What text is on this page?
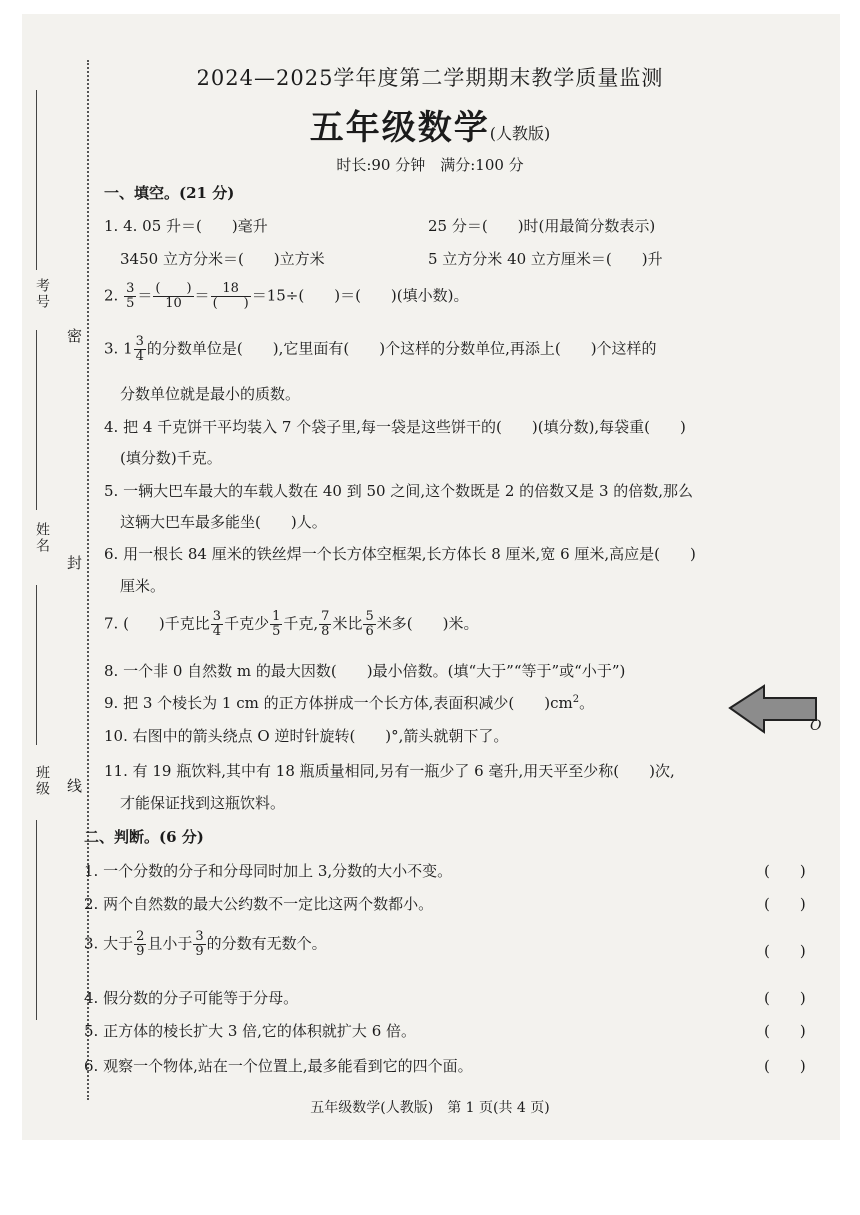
考号
姓名
班级
密
封
线
2024—2025学年度第二学期期末教学质量监测
五年级数学(人教版)
时长:90 分钟　满分:100 分
一、填空。(21 分)
1. 4. 05 升＝(　　)毫升	25 分＝(　　)时(用最简分数表示)
3450 立方分米＝(　　)立方米	5 立方分米 40 立方厘米＝(　　)升
2. $\frac{3}{5} = \frac{( )}{10} = \frac{18}{( )} =15\div$(　　)＝(　　)(填小数)。
3. $1 \frac{3}{4}$ 的分数单位是(　　),它里面有(　　)个这样的分数单位,再添上(　　)个这样的
分数单位就是最小的质数。
4. 把 4 千克饼干平均装入 7 个袋子里,每一袋是这些饼干的(　　)(填分数),每袋重(　　)
(填分数)千克。
5. 一辆大巴车最大的车载人数在 40 到 50 之间,这个数既是 2 的倍数又是 3 的倍数,那么
这辆大巴车最多能坐(　　)人。
6. 用一根长 84 厘米的铁丝焊一个长方体空框架,长方体长 8 厘米,宽 6 厘米,高应是(　　)
厘米。
7. (　　)千克比 $\frac{3}{4}$ 千克少 $\frac{1}{5}$ 千克, $\frac{7}{8}$ 米比 $\frac{5}{6}$ 米多(　　)米。
8. 一个非 0 自然数 m 的最大因数(　　)最小倍数。(填“大于”“等于”或“小于”)
9. 把 3 个棱长为 1 cm 的正方体拼成一个长方体,表面积减少(　　)$cm^2$。
10. 右图中的箭头绕点 O 逆时针旋转(　　)°,箭头就朝下了。
O
11. 有 19 瓶饮料,其中有 18 瓶质量相同,另有一瓶少了 6 毫升,用天平至少称(　　)次,
才能保证找到这瓶饮料。
二、判断。(6 分)
1. 一个分数的分子和分母同时加上 3,分数的大小不变。	(　　)
2. 两个自然数的最大公约数不一定比这两个数都小。	(　　)
3. 大于 $\frac{2}{9}$ 且小于 $\frac{3}{9}$ 的分数有无数个。	(　　)
4. 假分数的分子可能等于分母。	(　　)
5. 正方体的棱长扩大 3 倍,它的体积就扩大 6 倍。	(　　)
6. 观察一个物体,站在一个位置上,最多能看到它的四个面。	(　　)
五年级数学(人教版)　第 1 页(共 4 页)
